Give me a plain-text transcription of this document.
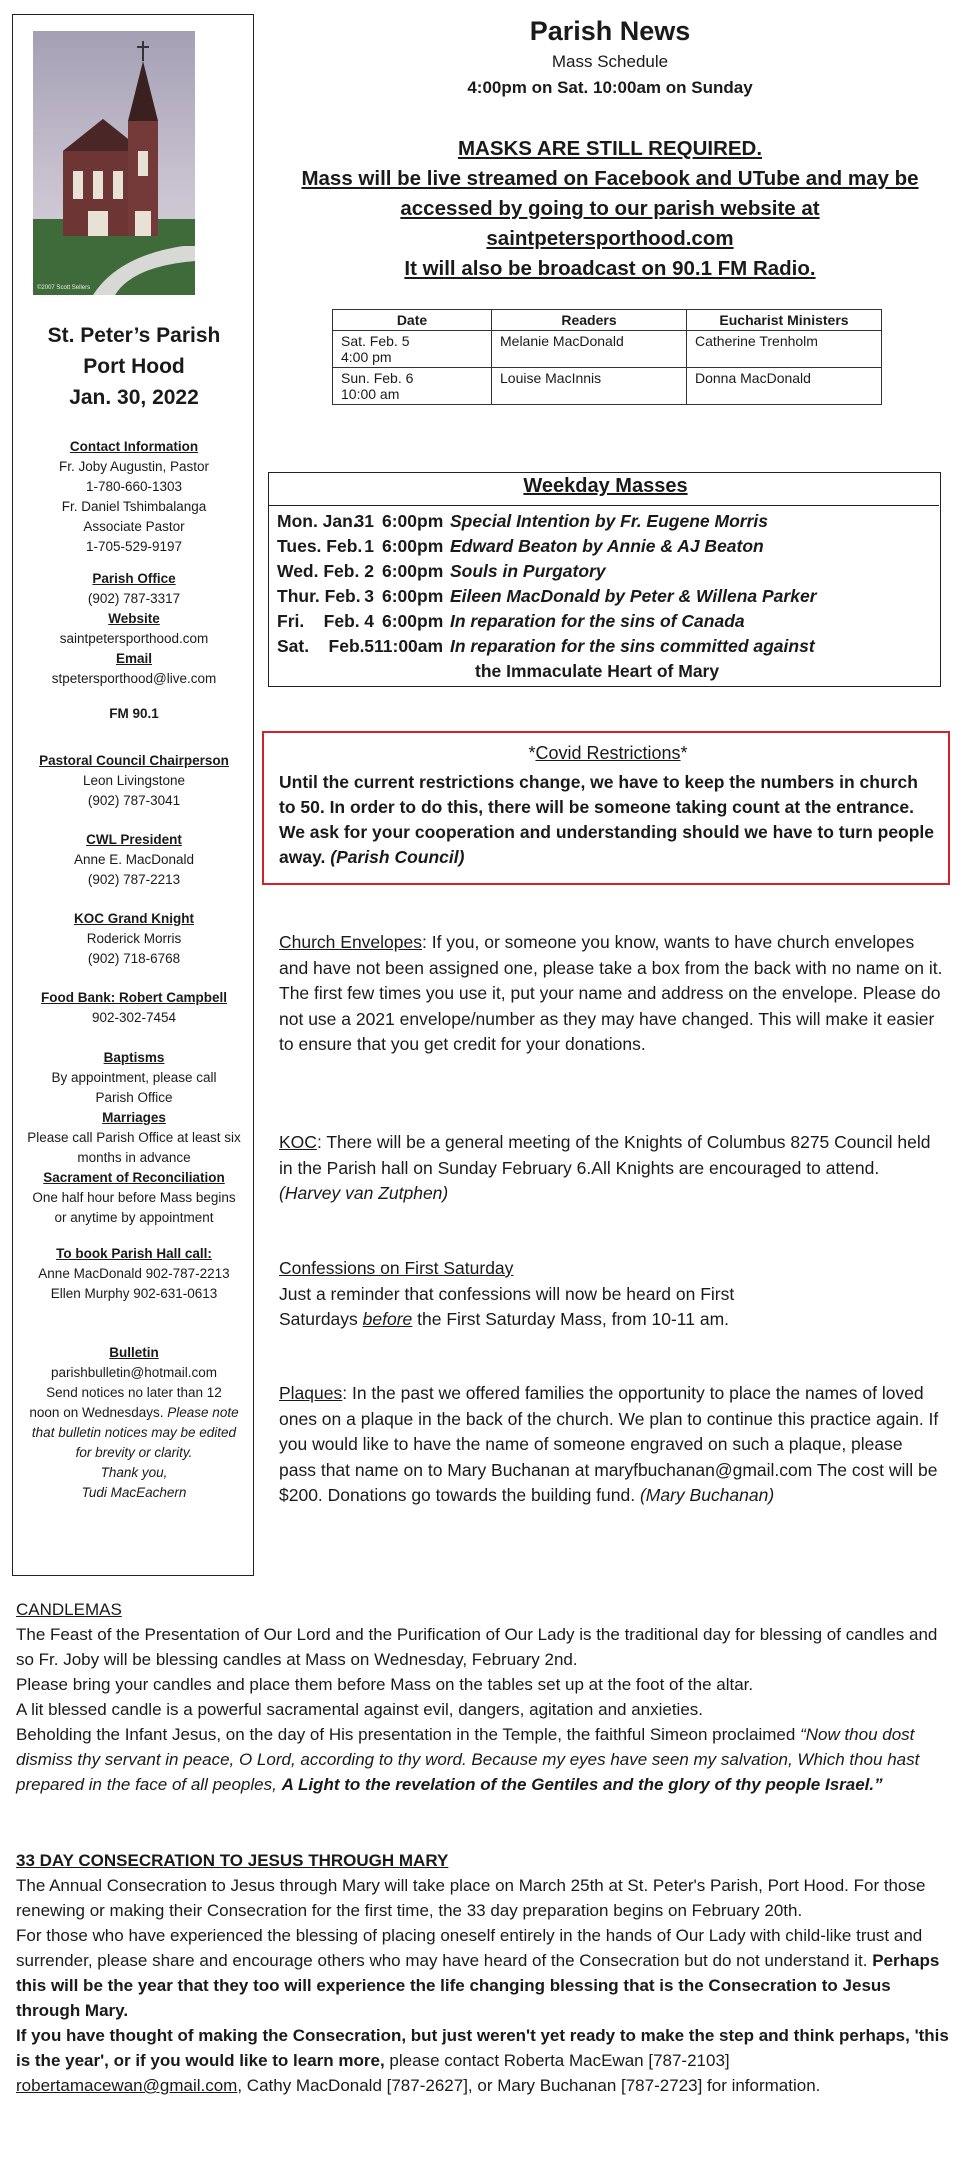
©2007 Scott Sellers
St. Peter’s Parish
Port Hood
Jan. 30, 2022
Contact Information
Fr. Joby Augustin, Pastor
1-780-660-1303
Fr. Daniel Tshimbalanga
Associate Pastor
1-705-529-9197
Parish Office
(902) 787-3317
Website
saintpetersporthood.com
Email
stpetersporthood@live.com
FM 90.1
Pastoral Council Chairperson
Leon Livingstone
(902) 787-3041
CWL President
Anne E. MacDonald
(902) 787-2213
KOC Grand Knight
Roderick Morris
(902) 718-6768
Food Bank: Robert Campbell
902-302-7454
Baptisms
By appointment, please call
Parish Office
Marriages
Please call Parish Office at least six
months in advance
Sacrament of Reconciliation
One half hour before Mass begins
or anytime by appointment
To book Parish Hall call:
Anne MacDonald 902-787-2213
Ellen Murphy 902-631-0613
Bulletin
parishbulletin@hotmail.com
Send notices no later than 12
noon on Wednesdays. Please note
that bulletin notices may be edited
for brevity or clarity.
Thank you,
Tudi MacEachern
Parish News
Mass Schedule
4:00pm on Sat. 10:00am on Sunday
MASKS ARE STILL REQUIRED.
Mass will be live streamed on Facebook and UTube and may be
accessed by going to our parish website at
saintpetersporthood.com
It will also be broadcast on 90.1 FM Radio.
Date	Readers	Eucharist Ministers

Sat. Feb. 5
4:00 pm	Melanie MacDonald	Catherine Trenholm

Sun. Feb. 6
10:00 am	Louise MacInnis	Donna MacDonald
Weekday Masses
Mon. Jan.31 6:00pm Special Intention by Fr. Eugene Morris
Tues. Feb. 1 6:00pm Edward Beaton by Annie & AJ Beaton
Wed. Feb. 2 6:00pm Souls in Purgatory
Thur. Feb. 3 6:00pm Eileen MacDonald by Peter & Willena Parker
Fri.    Feb. 4 6:00pm In reparation for the sins of Canada
Sat.    Feb.511:00am In reparation for the sins committed against
the Immaculate Heart of Mary
*Covid Restrictions*
Until the current restrictions change, we have to keep the numbers in church to 50. In order to do this, there will be someone taking count at the entrance. We ask for your cooperation and understanding should we have to turn people away. (Parish Council)
Church Envelopes: If you, or someone you know, wants to have church envelopes and have not been assigned one, please take a box from the back with no name on it. The first few times you use it, put your name and address on the envelope. Please do not use a 2021 envelope/number as they may have changed. This will make it easier to ensure that you get credit for your donations.
KOC: There will be a general meeting of the Knights of Columbus 8275 Council held in the Parish hall on Sunday February 6.All Knights are encouraged to attend. (Harvey van Zutphen)
Confessions on First Saturday
Just a reminder that confessions will now be heard on First Saturdays before the First Saturday Mass, from 10-11 am.
Plaques: In the past we offered families the opportunity to place the names of loved ones on a plaque in the back of the church. We plan to continue this practice again. If you would like to have the name of someone engraved on such a plaque, please pass that name on to Mary Buchanan at maryfbuchanan@gmail.com The cost will be $200. Donations go towards the building fund. (Mary Buchanan)
CANDLEMAS
The Feast of the Presentation of Our Lord and the Purification of Our Lady is the traditional day for blessing of candles and so Fr. Joby will be blessing candles at Mass on Wednesday, February 2nd.
Please bring your candles and place them before Mass on the tables set up at the foot of the altar.
A lit blessed candle is a powerful sacramental against evil, dangers, agitation and anxieties.
Beholding the Infant Jesus, on the day of His presentation in the Temple, the faithful Simeon proclaimed “Now thou dost dismiss thy servant in peace, O Lord, according to thy word. Because my eyes have seen my salvation, Which thou hast prepared in the face of all peoples, A Light to the revelation of the Gentiles and the glory of thy people Israel.”
33 DAY CONSECRATION TO JESUS THROUGH MARY
The Annual Consecration to Jesus through Mary will take place on March 25th at St. Peter's Parish, Port Hood. For those renewing or making their Consecration for the first time, the 33 day preparation begins on February 20th.
For those who have experienced the blessing of placing oneself entirely in the hands of Our Lady with child-like trust and surrender, please share and encourage others who may have heard of the Consecration but do not understand it. Perhaps this will be the year that they too will experience the life changing blessing that is the Consecration to Jesus through Mary.
If you have thought of making the Consecration, but just weren't yet ready to make the step and think perhaps, 'this is the year', or if you would like to learn more, please contact Roberta MacEwan [787-2103] robertamacewan@gmail.com, Cathy MacDonald [787-2627], or Mary Buchanan [787-2723] for information.
